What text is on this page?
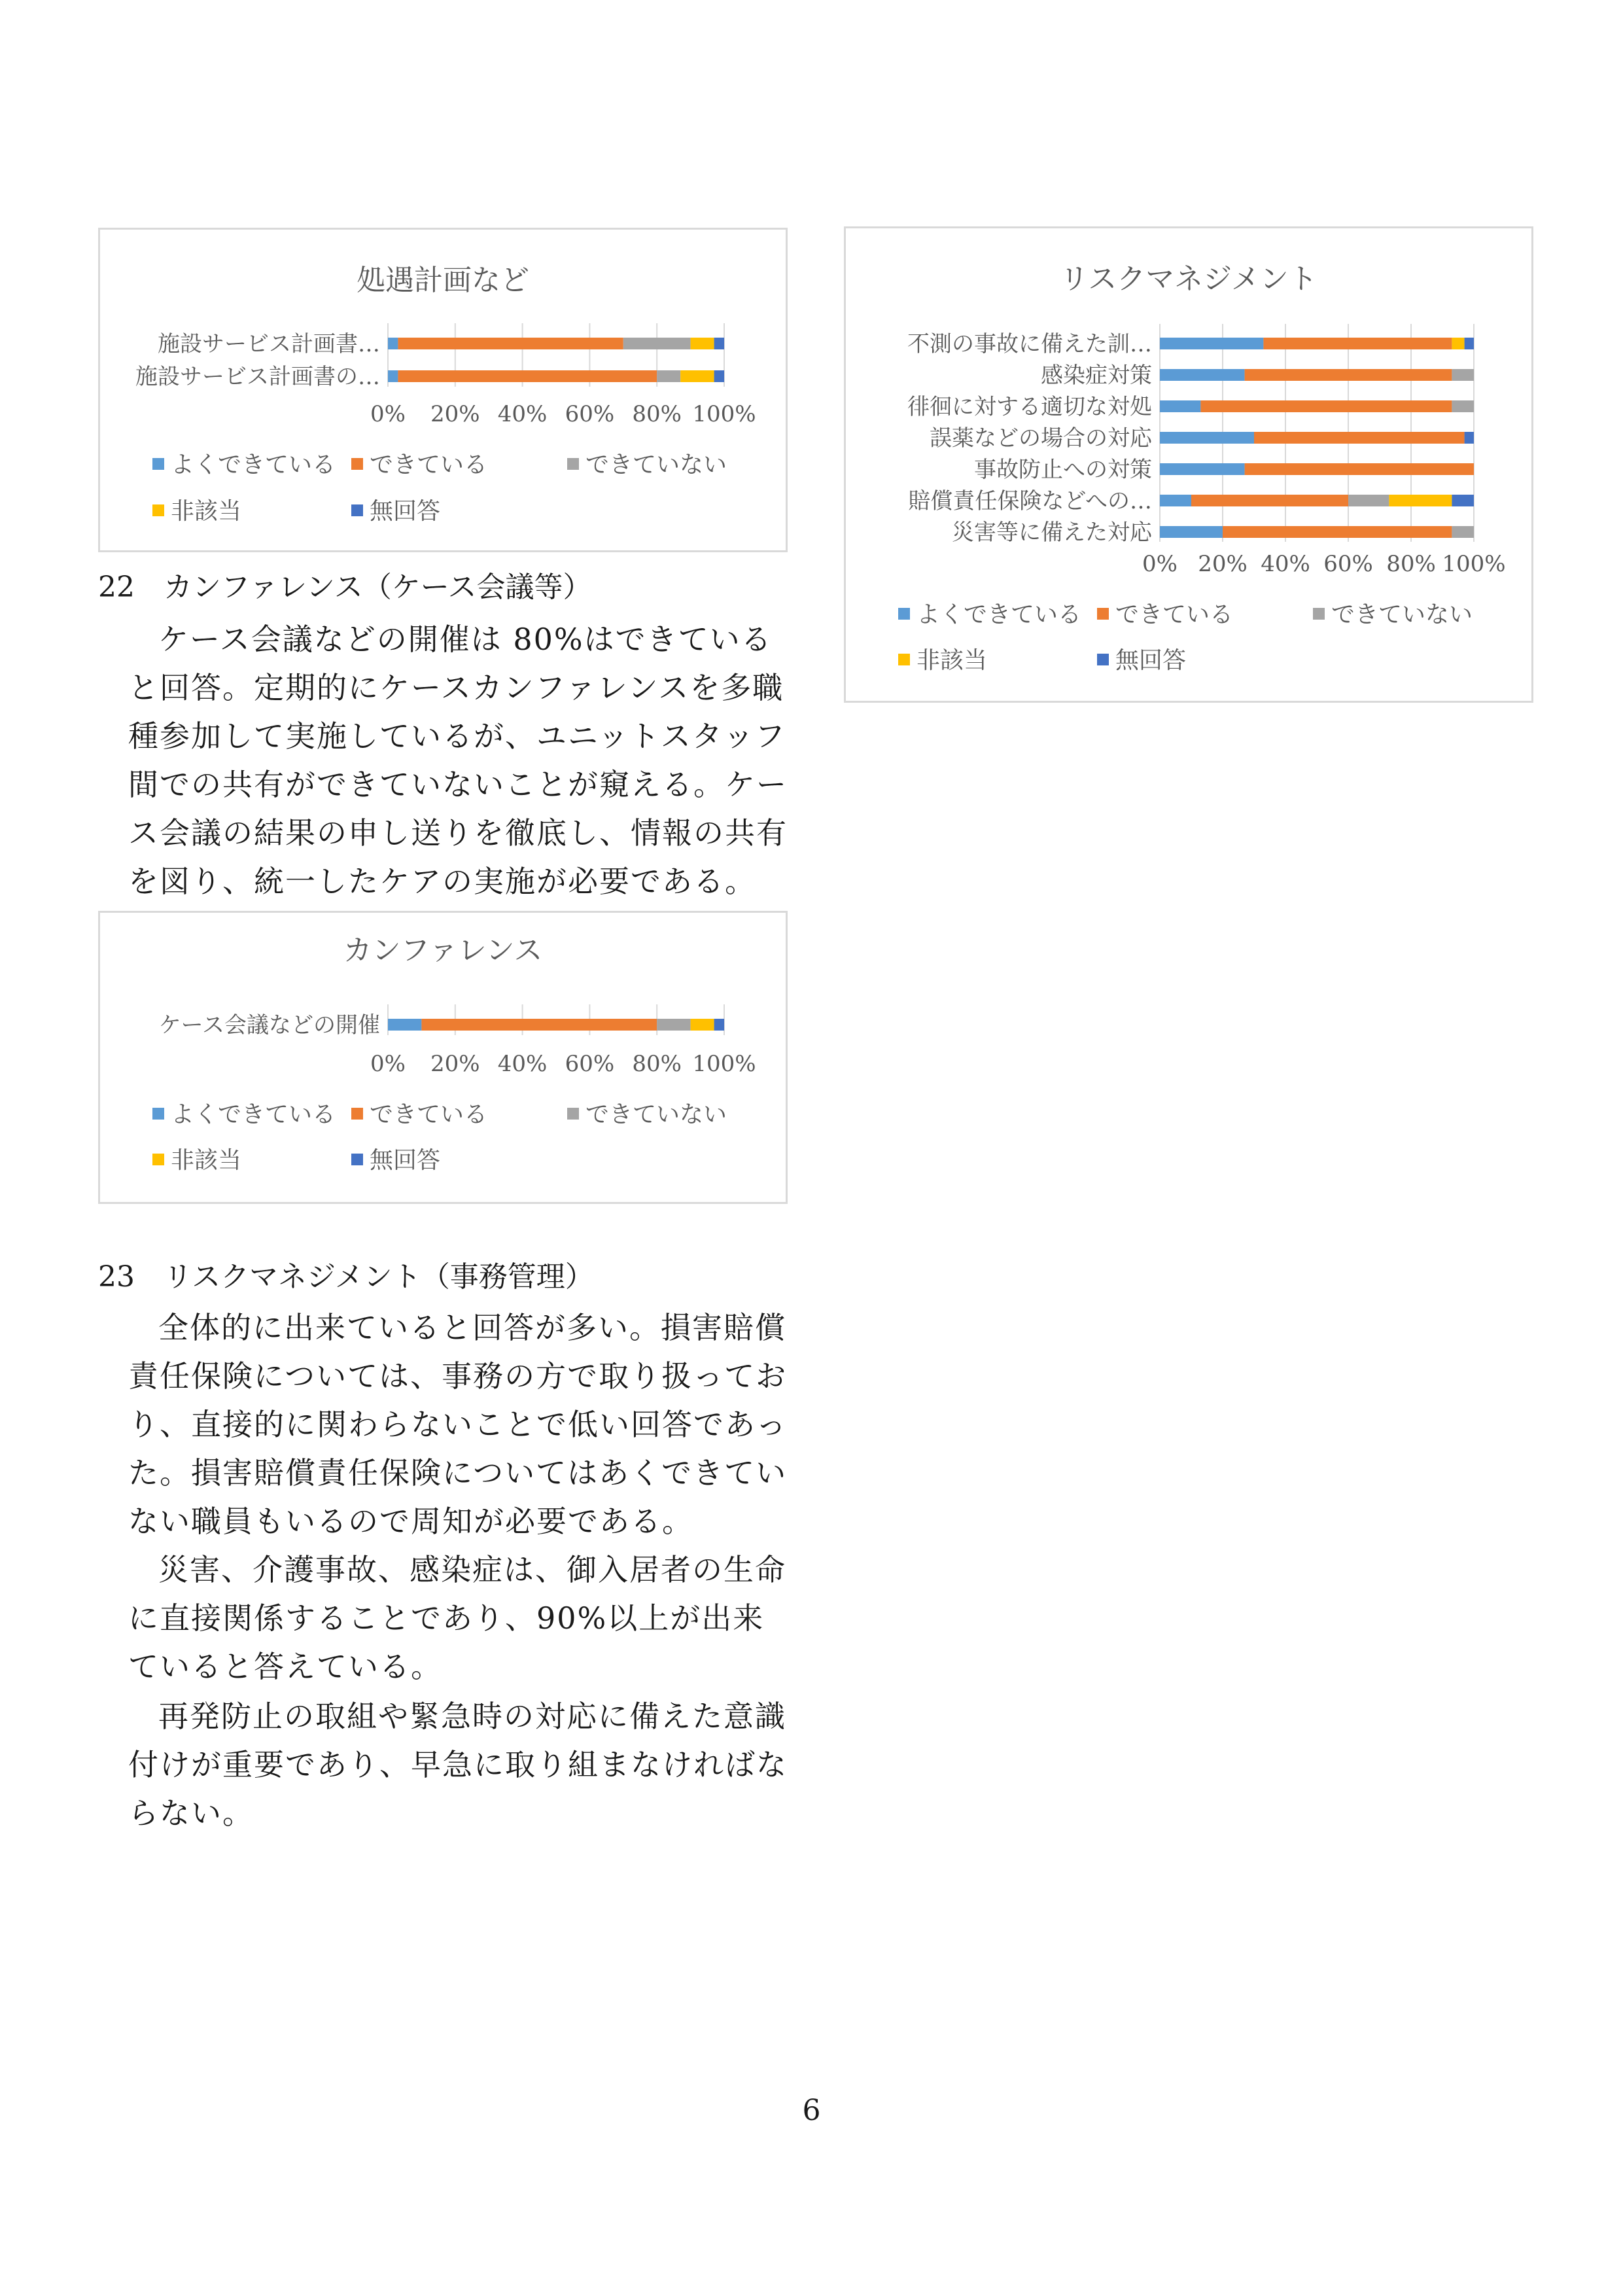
処遇計画など
0% 20% 40% 60% 80% 100%
施設サービス計画書…
施設サービス計画書の…
よくできている できている	できていない
非該当	無回答
リスクマネジメント
0% 20% 40% 60% 80% 100%
不測の事故に備えた訓…
感染症対策
徘徊に対する適切な対処
誤薬などの場合の対応
事故防止への対策
賠償責任保険などへの…
災害等に備えた対応
よくできている できている	できていない
非該当	無回答
22 カンファレンス（ケース会議等）

ケース会議などの開催は 80%はできていると回答。定期的にケースカンファレンスを多職種参加して実施しているが、ユニットスタッフ間での共有ができていないことが窺える。ケース会議の結果の申し送りを徹底し、情報の共有を図り、統一したケアの実施が必要である。

カンファレンス
0% 20% 40% 60% 80% 100%
ケース会議などの開催
よくできている できている	できていない
非該当	無回答
23 リスクマネジメント（事務管理）

全体的に出来ていると回答が多い。損害賠償責任保険については、事務の方で取り扱っており、直接的に関わらないことで低い回答であった。損害賠償責任保険についてはあくできていない職員もいるので周知が必要である。

災害、介護事故、感染症は、御入居者の生命に直接関係することであり、90%以上が出来ていると答えている。

再発防止の取組や緊急時の対応に備えた意識付けが重要であり、早急に取り組まなければならない。

6
